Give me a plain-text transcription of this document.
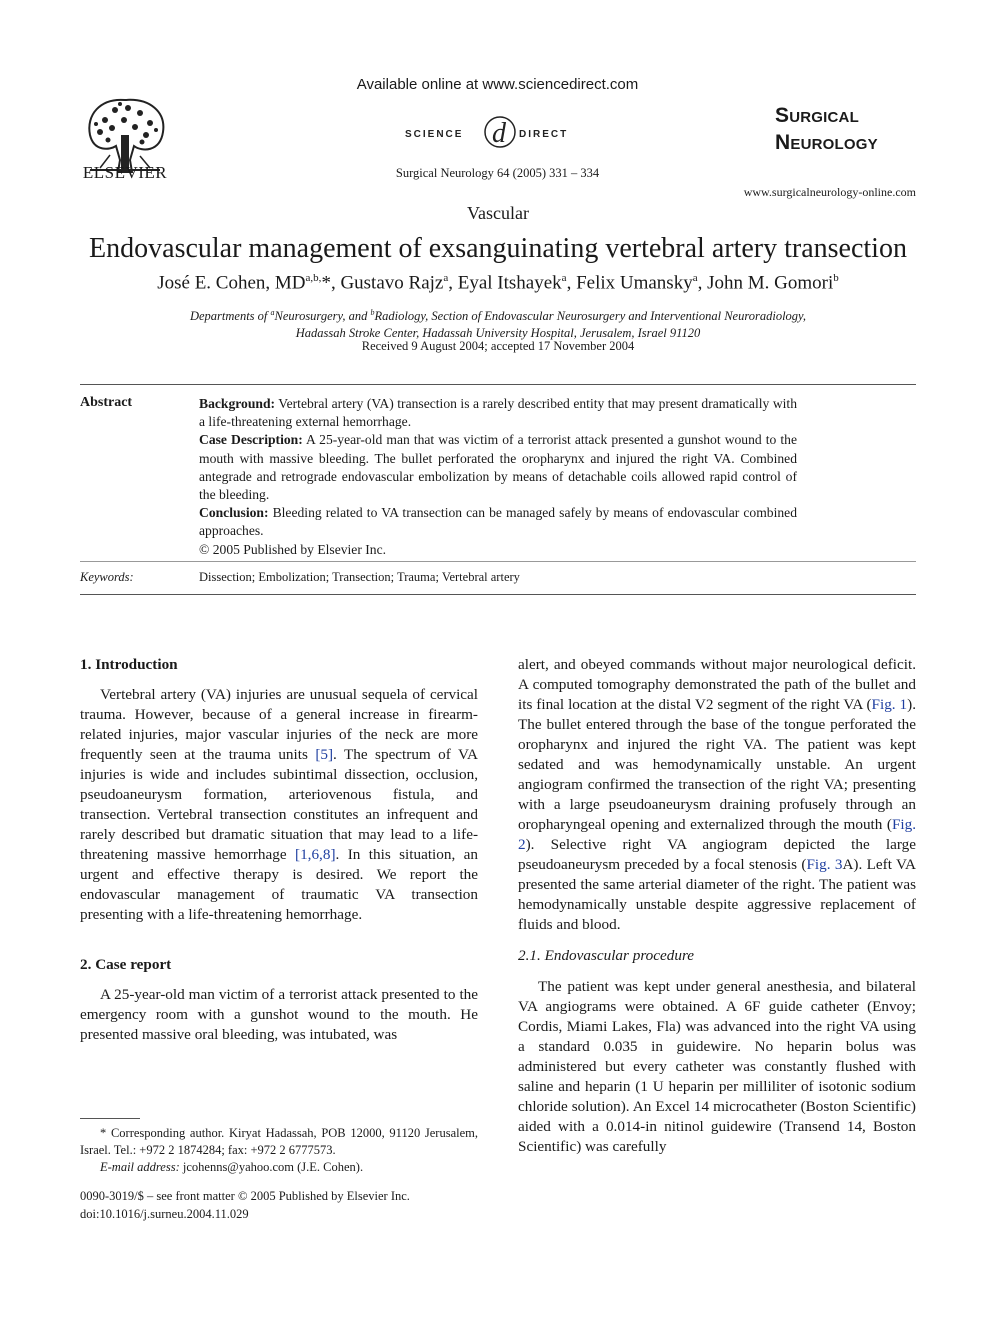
ELSEVIER
Available online at www.sciencedirect.com
SCIENCE d DIRECT
Surgical Neurology 64 (2005) 331 – 334
Surgical
Neurology
www.surgicalneurology-online.com
Vascular
Endovascular management of exsanguinating vertebral artery transection
José E. Cohen, $MD^{a,b,}*$, Gustavo Rajz$^a$, Eyal Itshayek$^a$, Felix Umansky$^a$, John M. Gomori$^b$
Departments of $^a$Neurosurgery, and $^b$Radiology, Section of Endovascular Neurosurgery and Interventional Neuroradiology,
Hadassah Stroke Center, Hadassah University Hospital, Jerusalem, Israel 91120
Received 9 August 2004; accepted 17 November 2004
Abstract	Background: Vertebral artery (VA) transection is a rarely described entity that may present dramatically with a life-threatening external hemorrhage.

Case Description: A 25-year-old man that was victim of a terrorist attack presented a gunshot wound to the mouth with massive bleeding. The bullet perforated the oropharynx and injured the right VA. Combined antegrade and retrograde endovascular embolization by means of detachable coils allowed rapid control of the bleeding.

Conclusion: Bleeding related to VA transection can be managed safely by means of endovascular combined approaches.

© 2005 Published by Elsevier Inc.

Keywords:	Dissection; Embolization; Transection; Trauma; Vertebral artery
1. Introduction

Vertebral artery (VA) injuries are unusual sequela of cervical trauma. However, because of a general increase in firearm-related injuries, major vascular injuries of the neck are more frequently seen at the trauma units [5]. The spectrum of VA injuries is wide and includes subintimal dissection, occlusion, pseudoaneurysm formation, arteriovenous fistula, and transection. Vertebral transection constitutes an infrequent and rarely described but dramatic situation that may lead to a life-threatening massive hemorrhage [1,6,8]. In this situation, an urgent and effective therapy is desired. We report the endovascular management of traumatic VA transection presenting with a life-threatening hemorrhage.

2. Case report

A 25-year-old man victim of a terrorist attack presented to the emergency room with a gunshot wound to the mouth. He presented massive oral bleeding, was intubated, was

* Corresponding author. Kiryat Hadassah, POB 12000, 91120 Jerusalem, Israel. Tel.: +972 2 1874284; fax: +972 2 6777573.

E-mail address: jcohenns@yahoo.com (J.E. Cohen).

0090-3019/$ – see front matter © 2005 Published by Elsevier Inc.
doi:10.1016/j.surneu.2004.11.029

alert, and obeyed commands without major neurological deficit. A computed tomography demonstrated the path of the bullet and its final location at the distal V2 segment of the right VA (Fig. 1). The bullet entered through the base of the tongue perforated the oropharynx and injured the right VA. The patient was kept sedated and was hemodynamically unstable. An urgent angiogram confirmed the transection of the right VA; presenting with a large pseudoaneurysm draining profusely through an oropharyngeal opening and externalized through the mouth (Fig. 2). Selective right VA angiogram depicted the large pseudoaneurysm preceded by a focal stenosis (Fig. 3A). Left VA presented the same arterial diameter of the right. The patient was hemodynamically unstable despite aggressive replacement of fluids and blood.

2.1. Endovascular procedure

The patient was kept under general anesthesia, and bilateral VA angiograms were obtained. A 6F guide catheter (Envoy; Cordis, Miami Lakes, Fla) was advanced into the right VA using a standard 0.035 in guidewire. No heparin bolus was administered but every catheter was constantly flushed with saline and heparin (1 U heparin per milliliter of isotonic sodium chloride solution). An Excel 14 microcatheter (Boston Scientific) aided with a 0.014-in nitinol guidewire (Transend 14, Boston Scientific) was carefully
